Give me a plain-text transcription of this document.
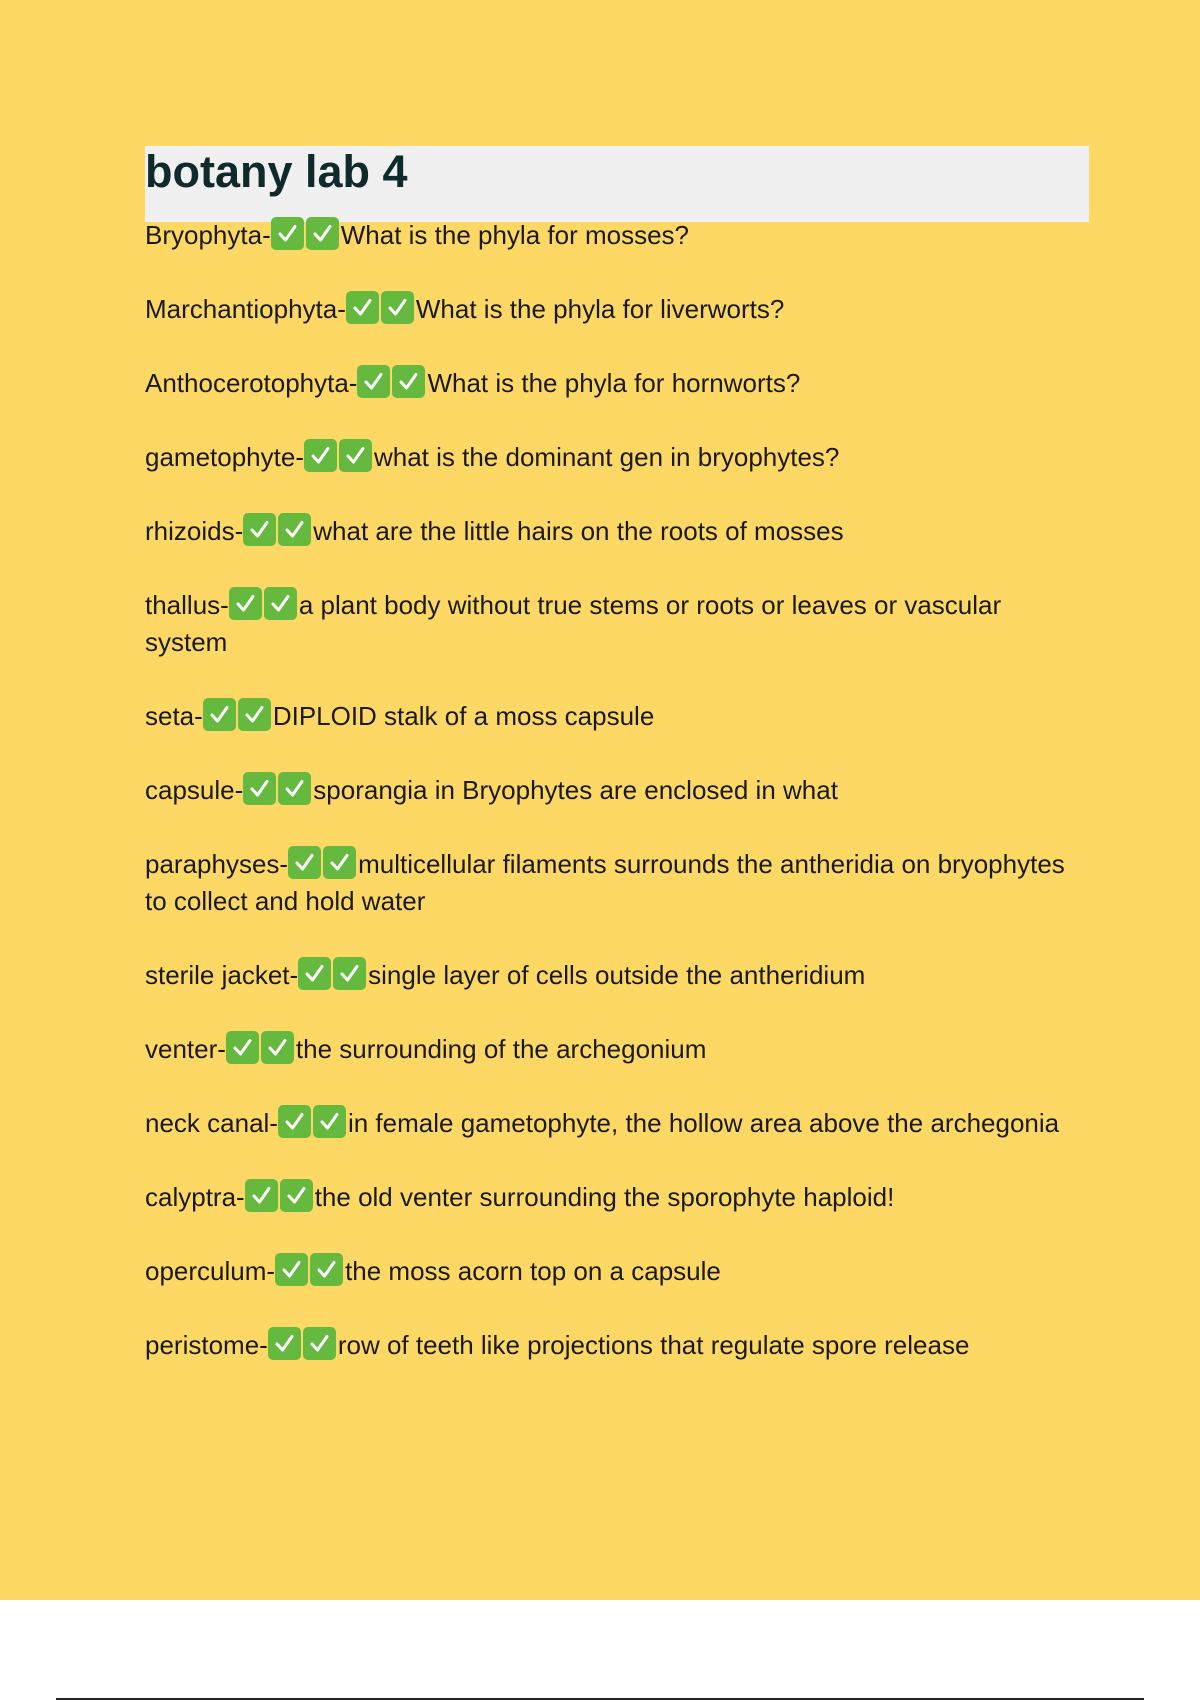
botany lab 4
Bryophyta-	What is the phyla for mosses?
Marchantiophyta-	What is the phyla for liverworts?
Anthocerotophyta-	What is the phyla for hornworts?
gametophyte-	what is the dominant gen in bryophytes?
rhizoids-	what are the little hairs on the roots of mosses
thallus-	a plant body without true stems or roots or leaves or vascular system
seta-	DIPLOID stalk of a moss capsule
capsule-	sporangia in Bryophytes are enclosed in what
paraphyses-	multicellular filaments surrounds the antheridia on bryophytes to collect and hold water
sterile jacket-	single layer of cells outside the antheridium
venter-	the surrounding of the archegonium
neck canal-	in female gametophyte, the hollow area above the archegonia
calyptra-	the old venter surrounding the sporophyte haploid!
operculum-	the moss acorn top on a capsule
peristome-	row of teeth like projections that regulate spore release
